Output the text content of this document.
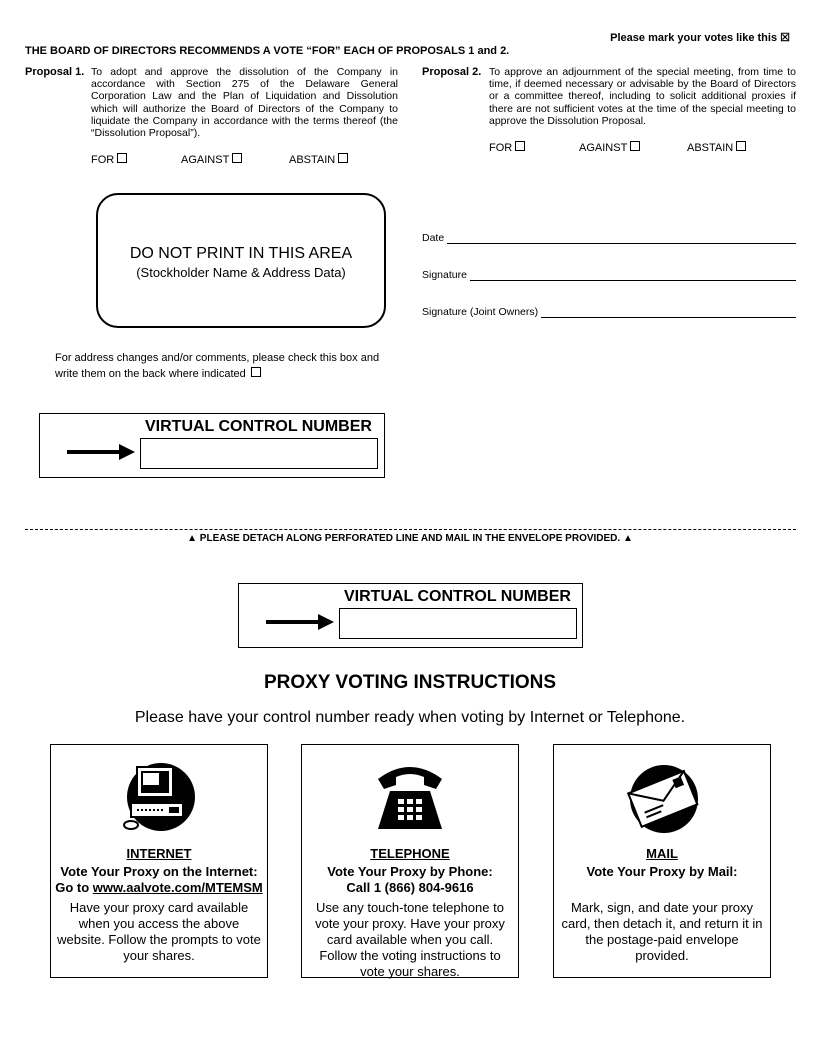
Please mark your votes like this ☒
THE BOARD OF DIRECTORS RECOMMENDS A VOTE “FOR” EACH OF PROPOSALS 1 and 2.
Proposal 1. To adopt and approve the dissolution of the Company in accordance with Section 275 of the Delaware General Corporation Law and the Plan of Liquidation and Dissolution which will authorize the Board of Directors of the Company to liquidate the Company in accordance with the terms thereof (the “Dissolution Proposal”).
FOR	AGAINST	ABSTAIN
Proposal 2. To approve an adjournment of the special meeting, from time to time, if deemed necessary or advisable by the Board of Directors or a committee thereof, including to solicit additional proxies if there are not sufficient votes at the time of the special meeting to approve the Dissolution Proposal.
FOR	AGAINST	ABSTAIN
DO NOT PRINT IN THIS AREA
(Stockholder Name & Address Data)
Date
Signature
Signature (Joint Owners)
For address changes and/or comments, please check this box and
write them on the back where indicated
VIRTUAL CONTROL NUMBER
▲ PLEASE DETACH ALONG PERFORATED LINE AND MAIL IN THE ENVELOPE PROVIDED. ▲
VIRTUAL CONTROL NUMBER
PROXY VOTING INSTRUCTIONS
Please have your control number ready when voting by Internet or Telephone.
INTERNET
Vote Your Proxy on the Internet:
Go to www.aalvote.com/MTEMSM
Have your proxy card available when you access the above website. Follow the prompts to vote your shares.
TELEPHONE
Vote Your Proxy by Phone:
Call 1 (866) 804-9616
Use any touch-tone telephone to vote your proxy. Have your proxy card available when you call. Follow the voting instructions to vote your shares.
MAIL
Vote Your Proxy by Mail:
Mark, sign, and date your proxy card, then detach it, and return it in the postage-paid envelope provided.
